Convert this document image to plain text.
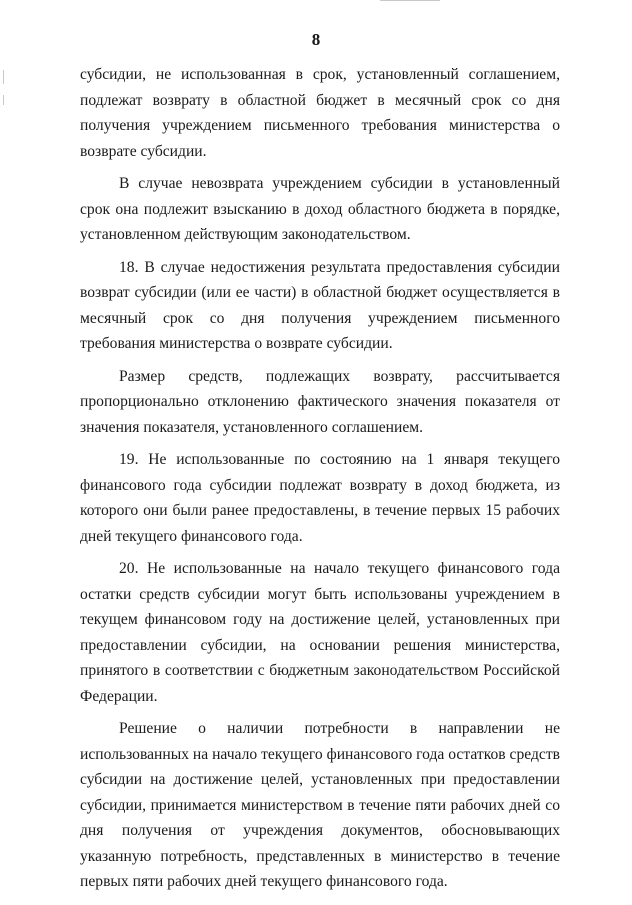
8

субсидии, не использованная в срок, установленный соглашением, подлежат возврату в областной бюджет в месячный срок со дня получения учреждением письменного требования министерства о возврате субсидии.

В случае невозврата учреждением субсидии в установленный срок она подлежит взысканию в доход областного бюджета в порядке, установленном действующим законодательством.

18. В случае недостижения результата предоставления субсидии возврат субсидии (или ее части) в областной бюджет осуществляется в месячный срок со дня получения учреждением письменного требования министерства о возврате субсидии.

Размер средств, подлежащих возврату, рассчитывается пропорционально отклонению фактического значения показателя от значения показателя, установленного соглашением.

19. Не использованные по состоянию на 1 января текущего финансового года субсидии подлежат возврату в доход бюджета, из которого они были ранее предоставлены, в течение первых 15 рабочих дней текущего финансового года.

20. Не использованные на начало текущего финансового года остатки средств субсидии могут быть использованы учреждением в текущем финансовом году на достижение целей, установленных при предоставлении субсидии, на основании решения министерства, принятого в соответствии с бюджетным законодательством Российской Федерации.

Решение о наличии потребности в направлении не использованных на начало текущего финансового года остатков средств субсидии на достижение целей, установленных при предоставлении субсидии, принимается министерством в течение пяти рабочих дней со дня получения от учреждения документов, обосновывающих указанную потребность, представленных в министерство в течение первых пяти рабочих дней текущего финансового года.
